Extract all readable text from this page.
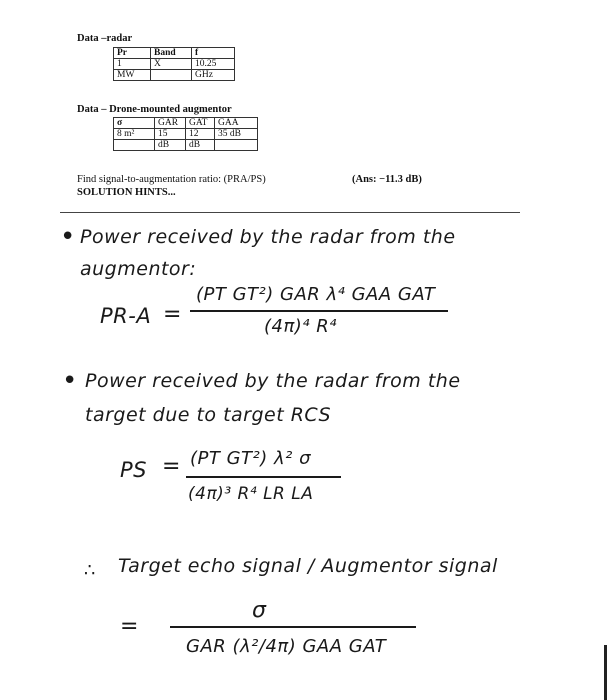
Data –radar
Pr	Band	f
1	X	10.25
MW		GHz
Data – Drone-mounted augmentor
σ	GAR	GAT	GAA
8 m²	15	12	35 dB
	dB	dB	
Find signal-to-augmentation ratio: (PRA/PS)	(Ans: −11.3 dB)
SOLUTION HINTS...
• Power received by the radar from the
augmentor:
PR-A =
(PT GT²) GAR λ⁴ GAA GAT
(4π)⁴ R⁴
• Power received by the radar from the
target due to target RCS
PS = (PT GT²) λ² σ
(4π)³ R⁴ LR LA
∴ Target echo signal / Augmentor signal
=
σ
GAR (λ²/4π) GAA GAT
